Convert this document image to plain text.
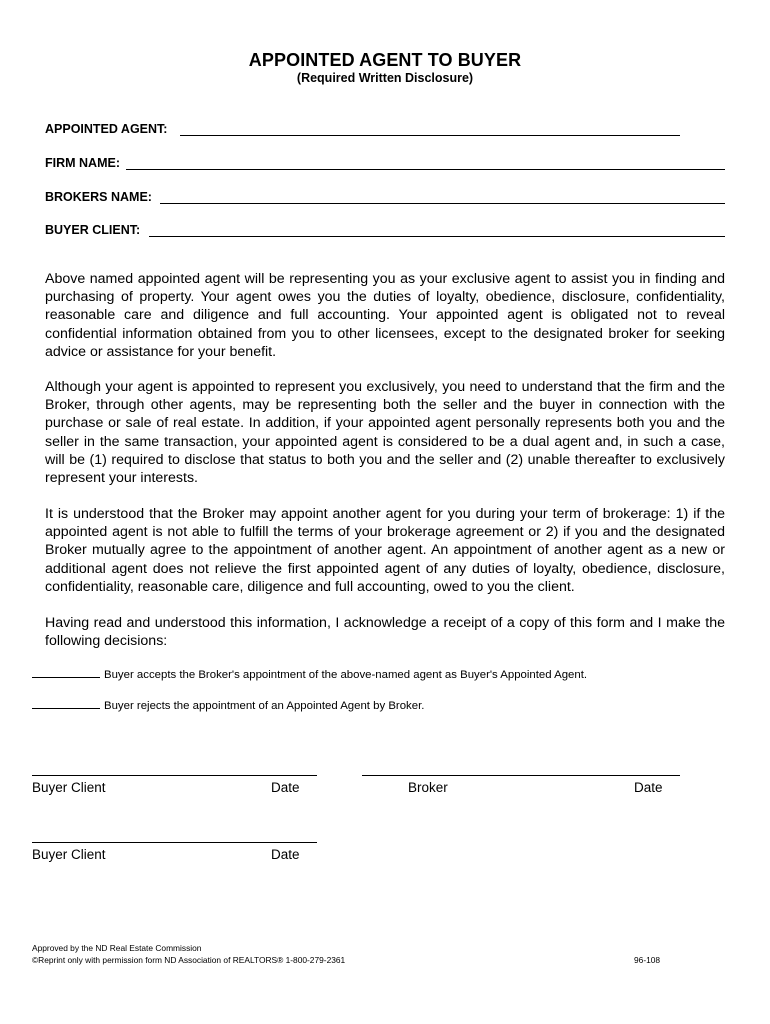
APPOINTED AGENT TO BUYER
(Required Written Disclosure)
APPOINTED AGENT:
FIRM NAME:
BROKERS NAME:
BUYER CLIENT:

Above named appointed agent will be representing you as your exclusive agent to assist you in finding and purchasing of property. Your agent owes you the duties of loyalty, obedience, disclosure, confidentiality, reasonable care and diligence and full accounting. Your appointed agent is obligated not to reveal confidential information obtained from you to other licensees, except to the designated broker for seeking advice or assistance for your benefit.

Although your agent is appointed to represent you exclusively, you need to understand that the firm and the Broker, through other agents, may be representing both the seller and the buyer in connection with the purchase or sale of real estate. In addition, if your appointed agent personally represents both you and the seller in the same transaction, your appointed agent is considered to be a dual agent and, in such a case, will be (1) required to disclose that status to both you and the seller and (2) unable thereafter to exclusively represent your interests.

It is understood that the Broker may appoint another agent for you during your term of brokerage: 1) if the appointed agent is not able to fulfill the terms of your brokerage agreement or 2) if you and the designated Broker mutually agree to the appointment of another agent. An appointment of another agent as a new or additional agent does not relieve the first appointed agent of any duties of loyalty, obedience, disclosure, confidentiality, reasonable care, diligence and full accounting, owed to you the client.

Having read and understood this information, I acknowledge a receipt of a copy of this form and I make the following decisions:

Buyer accepts the Broker's appointment of the above-named agent as Buyer's Appointed Agent.
Buyer rejects the appointment of an Appointed Agent by Broker.
Buyer Client	Date	Broker	Date
Buyer Client	Date
Approved by the ND Real Estate Commission
©Reprint only with permission form ND Association of REALTORS® 1-800-279-2361	96-108
